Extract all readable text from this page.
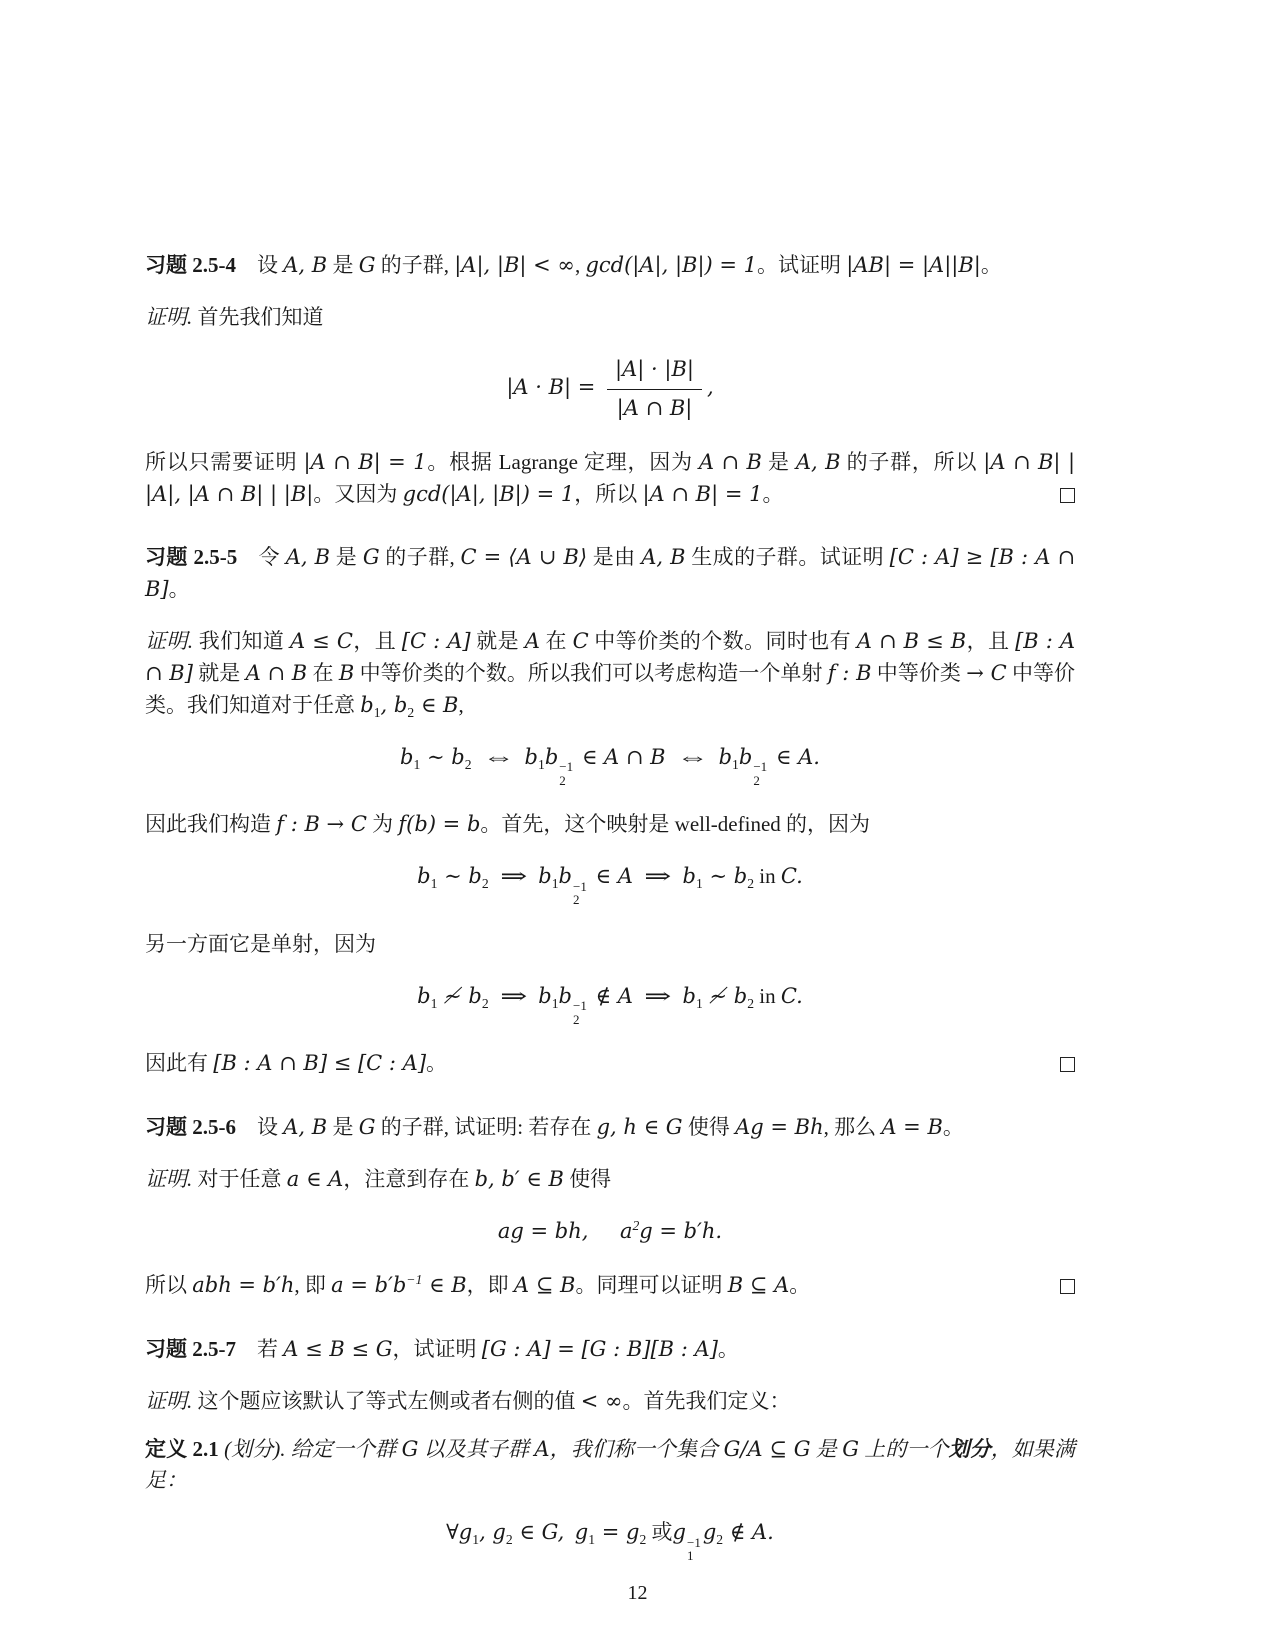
习题 2.5-4 设 A, B 是 G 的子群, |A|, |B| < ∞, gcd(|A|, |B|) = 1。试证明 |AB| = |A||B|。
证明. 首先我们知道
$|A \cdot B| = \frac{|A| \cdot |B|}{|A \cap B|}$ ,
所以只需要证明 |A ∩ B| = 1。根据 Lagrange 定理，因为 A ∩ B 是 A, B 的子群，所以 |A ∩ B| | |A|, |A ∩ B| | |B|。又因为 gcd(|A|, |B|) = 1，所以 |A ∩ B| = 1。
习题 2.5-5 令 A, B 是 G 的子群, C = ⟨A ∪ B⟩ 是由 A, B 生成的子群。试证明 [C : A] ≥ [B : A ∩ B]。
证明. 我们知道 A ≤ C，且 [C : A] 就是 A 在 C 中等价类的个数。同时也有 A ∩ B ≤ B，且 [B : A ∩ B] 就是 A ∩ B 在 B 中等价类的个数。所以我们可以考虑构造一个单射 f : B 中等价类 → C 中等价类。我们知道对于任意 $b_1$, $b_2$ ∈ B,
$b_1$ ∼ $b_2$ ⇔ $b_1b -1$
2
∈ A ∩ B ⇔ $b_1b -1$
2
∈ A.
因此我们构造 f : B → C 为 f(b) = b。首先，这个映射是 well-defined 的，因为
$b_1$ ∼ $b_2$ ⇒ $b_1b -1$
2
∈ A ⇒ $b_1$ ∼ $b_2$ in C.
另一方面它是单射，因为
$b_1$ ≁ $b_2$ ⇒ $b_1b -1$
2
∉ A ⇒ $b_1$ ≁ $b_2$ in C.
因此有 [B : A ∩ B] ≤ [C : A]。
习题 2.5-6 设 A, B 是 G 的子群, 试证明: 若存在 g, h ∈ G 使得 Ag = Bh, 那么 A = B。
证明. 对于任意 a ∈ A，注意到存在 b, b′ ∈ B 使得
ag = bh,   $a^2g = b'h$.
所以 abh = b′h, 即 $a = b'b^{-1}$ ∈ B，即 A ⊆ B。同理可以证明 B ⊆ A。
习题 2.5-7 若 A ≤ B ≤ G，试证明 [G : A] = [G : B][B : A]。
证明. 这个题应该默认了等式左侧或者右侧的值 < ∞。首先我们定义：
定义 2.1 (划分). 给定一个群 G 以及其子群 A，我们称一个集合 G/A ⊆ G 是 G 上的一个划分，如果满足：
$\forall g_1$, $g_2$ ∈ G, $g_1 = g_2$ 或g −1
1
$g_2$ ∉ A.
12
